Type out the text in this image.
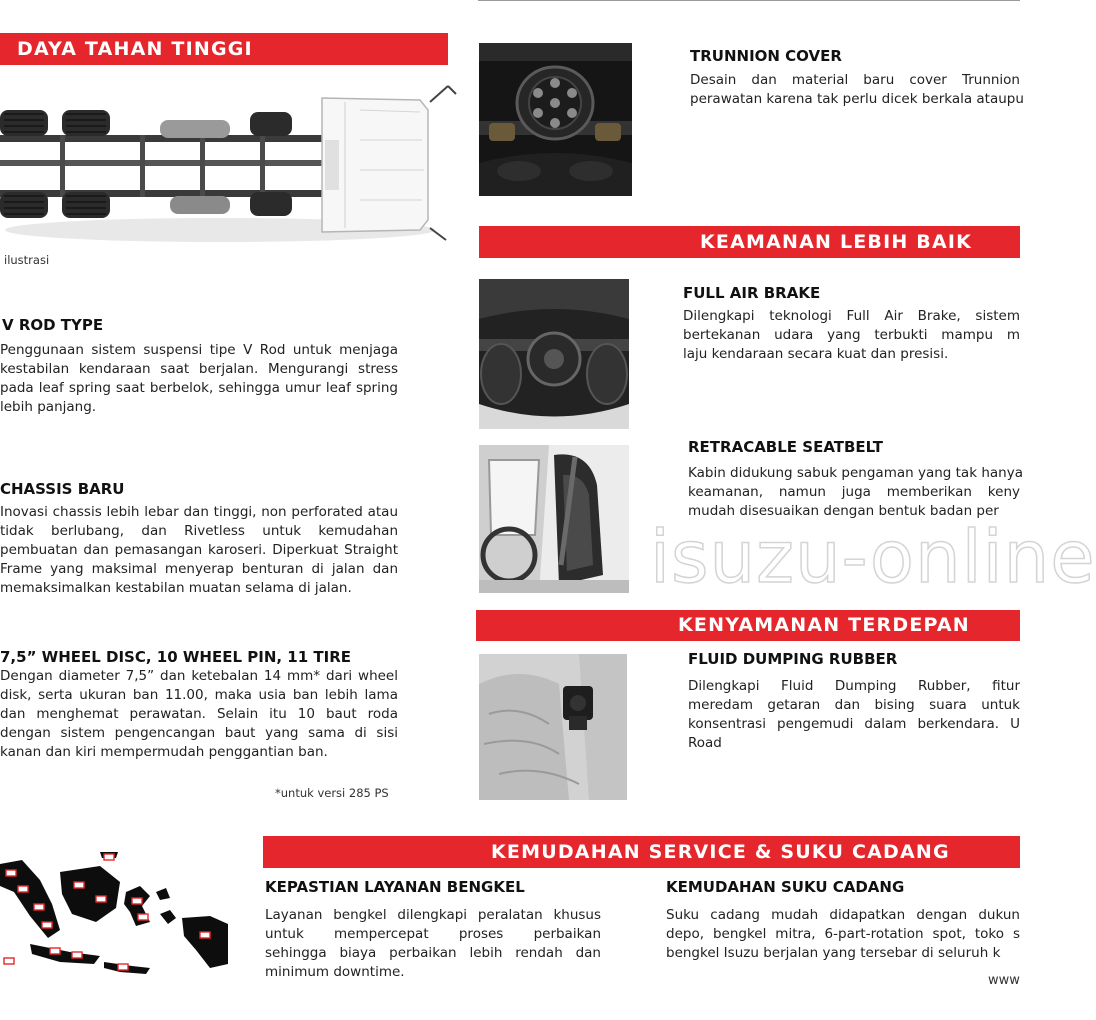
DAYA TAHAN TINGGI
ilustrasi
V ROD TYPE
Penggunaan sistem suspensi tipe V Rod untuk menjaga
kestabilan kendaraan saat berjalan. Mengurangi stress
pada leaf spring saat berbelok, sehingga umur leaf spring
lebih panjang.
CHASSIS BARU
Inovasi chassis lebih lebar dan tinggi, non perforated atau
tidak berlubang, dan Rivetless untuk kemudahan
pembuatan dan pemasangan karoseri. Diperkuat Straight
Frame yang maksimal menyerap benturan di jalan dan
memaksimalkan kestabilan muatan selama di jalan.
7,5” WHEEL DISC, 10 WHEEL PIN, 11 TIRE
Dengan diameter 7,5” dan ketebalan 14 mm* dari wheel
disk, serta ukuran ban 11.00, maka usia ban lebih lama
dan menghemat perawatan. Selain itu 10 baut roda
dengan sistem pengencangan baut yang sama di sisi
kanan dan kiri mempermudah penggantian ban.
*untuk versi 285 PS
TRUNNION COVER
Desain dan material baru cover Trunnion
perawatan karena tak perlu dicek berkala ataupu
KEAMANAN LEBIH BAIK
FULL AIR BRAKE
Dilengkapi teknologi Full Air Brake, sistem
bertekanan udara yang terbukti mampu m
laju kendaraan secara kuat dan presisi.
RETRACABLE SEATBELT
Kabin didukung sabuk pengaman yang tak hanya
keamanan, namun juga memberikan keny
mudah disesuaikan dengan bentuk badan per
isuzu-online
KENYAMANAN TERDEPAN
FLUID DUMPING RUBBER
Dilengkapi Fluid Dumping Rubber, fitur
meredam getaran dan bising suara untuk
konsentrasi pengemudi dalam berkendara. U
Road
KEMUDAHAN SERVICE & SUKU CADANG
KEPASTIAN LAYANAN BENGKEL
Layanan bengkel dilengkapi peralatan khusus
untuk mempercepat proses perbaikan
sehingga biaya perbaikan lebih rendah dan
minimum downtime.
KEMUDAHAN SUKU CADANG
Suku cadang mudah didapatkan dengan dukun
depo, bengkel mitra, 6-part-rotation spot, toko s
bengkel Isuzu berjalan yang tersebar di seluruh k
www
